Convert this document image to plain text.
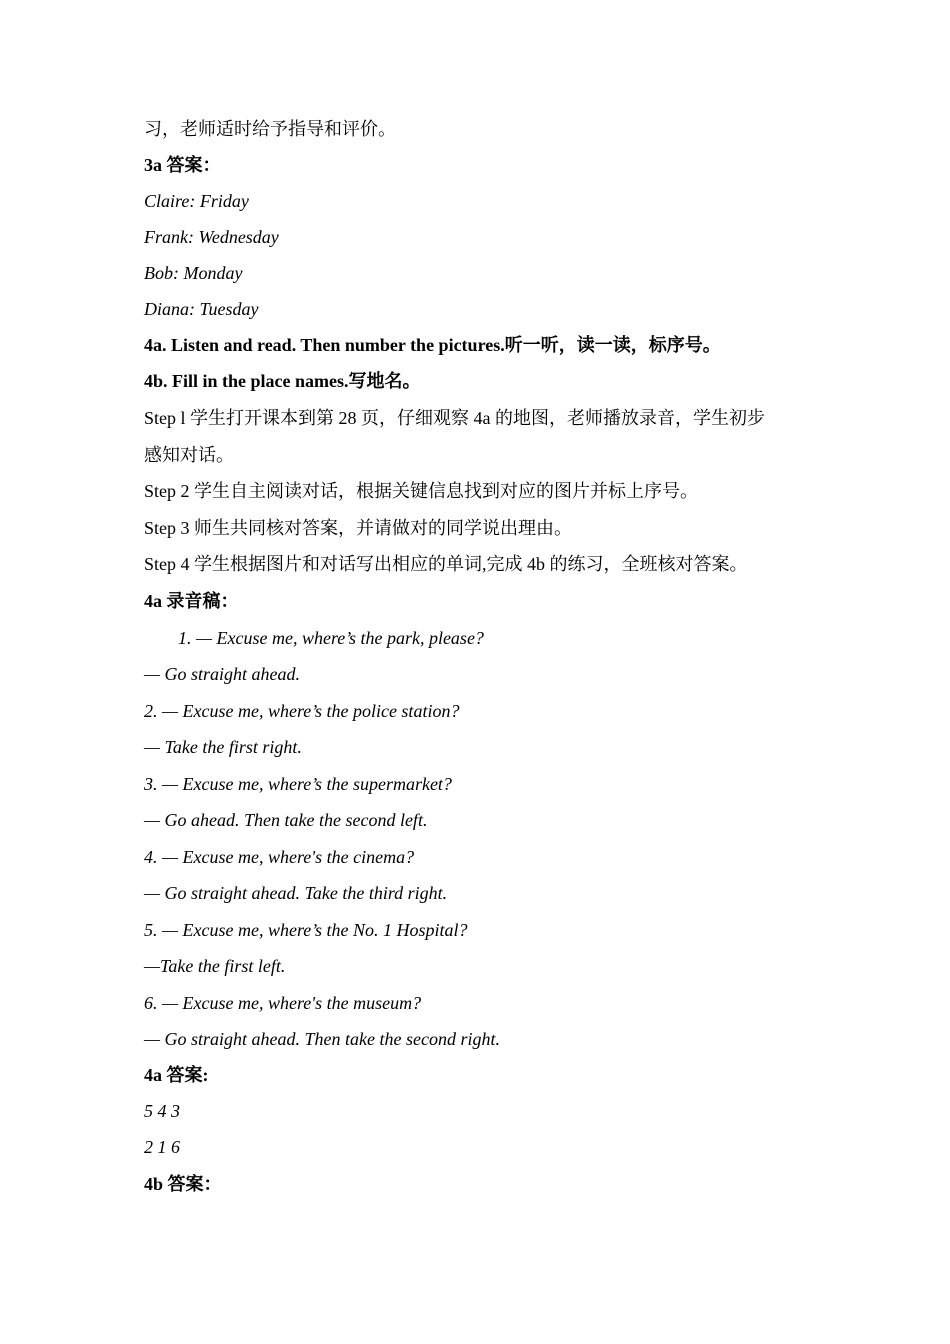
习，老师适时给予指导和评价。
3a 答案：
Claire: Friday
Frank: Wednesday
Bob: Monday
Diana: Tuesday
4a. Listen and read. Then number the pictures.听一听，读一读，标序号。
4b. Fill in the place names.写地名。
Step l 学生打开课本到第 28 页，仔细观察 4a 的地图，老师播放录音，学生初步
感知对话。
Step 2 学生自主阅读对话，根据关键信息找到对应的图片并标上序号。
Step 3 师生共同核对答案，并请做对的同学说出理由。
Step 4 学生根据图片和对话写出相应的单词,完成 4b 的练习，全班核对答案。
4a 录音稿：
1. — Excuse me, where’s the park, please?
— Go straight ahead.
2. — Excuse me, where’s the police station?
— Take the first right.
3. — Excuse me, where’s the supermarket?
— Go ahead. Then take the second left.
4. — Excuse me, where's the cinema?
— Go straight ahead. Take the third right.
5. — Excuse me, where’s the No. 1 Hospital?
—Take the first left.
6. — Excuse me, where's the museum?
— Go straight ahead. Then take the second right.
4a 答案:
5 4 3
2 1 6
4b 答案：
